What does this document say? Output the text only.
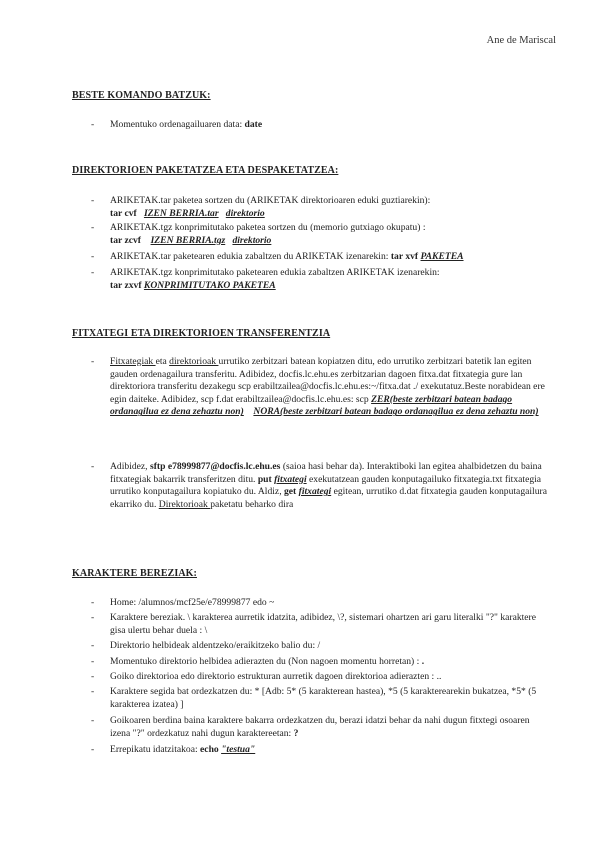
Ane de Mariscal
BESTE KOMANDO BATZUK:
- Momentuko ordenagailuaren data: date
DIREKTORIOEN PAKETATZEA ETA DESPAKETATZEA:
- ARIKETAK.tar paketea sortzen du (ARIKETAK direktorioaren eduki guztiarekin):
tar cvf IZEN BERRIA.tar direktorio
- ARIKETAK.tgz konprimitutako paketea sortzen du (memorio gutxiago okupatu) :
tar zcvf IZEN BERRIA.tgz direktorio
- ARIKETAK.tar paketearen edukia zabaltzen du ARIKETAK izenarekin: tar xvf PAKETEA
- ARIKETAK.tgz konprimitutako paketearen edukia zabaltzen ARIKETAK izenarekin:
tar zxvf KONPRIMITUTAKO PAKETEA
FITXATEGI ETA DIREKTORIOEN TRANSFERENTZIA
- Fitxategiak eta direktorioak urrutiko zerbitzari batean kopiatzen ditu, edo urrutiko zerbitzari batetik lan egiten gauden ordenagailura transferitu. Adibidez, docfis.lc.ehu.es zerbitzarian dagoen fitxa.dat fitxategia gure lan direktoriora transferitu dezakegu scp erabiltzailea@docfis.lc.ehu.es:~/fitxa.dat ./ exekutatuz.Beste norabidean ere egin daiteke. Adibidez, scp f.dat erabiltzailea@docfis.lc.ehu.es: scp ZER(beste zerbitzari batean badago ordanagilua ez dena zehaztu non) NORA(beste zerbitzari batean badago ordanagilua ez dena zehaztu non)
- Adibidez, sftp e78999877@docfis.lc.ehu.es (saioa hasi behar da). Interaktiboki lan egitea ahalbidetzen du baina fitxategiak bakarrik transferitzen ditu. put fitxategi exekutatzean gauden konputagailuko fitxategia.txt fitxategia urrutiko konputagailura kopiatuko du. Aldiz, get fitxategi egitean, urrutiko d.dat fitxategia gauden konputagailura ekarriko du. Direktorioak paketatu beharko dira
KARAKTERE BEREZIAK:
- Home: /alumnos/mcf25e/e78999877 edo ~
- Karaktere bereziak. \ karakterea aurretik idatzita, adibidez, \?, sistemari ohartzen ari garu literalki "?" karaktere gisa ulertu behar duela : \
- Direktorio helbideak aldentzeko/eraikitzeko balio du: /
- Momentuko direktorio helbidea adierazten du (Non nagoen momentu horretan) : .
- Goiko direktorioa edo direktorio estrukturan aurretik dagoen direktorioa adierazten : ..
- Karaktere segida bat ordezkatzen du: * [Adb: 5* (5 karakterean hastea), *5 (5 karakterearekin bukatzea, *5* (5 karakterea izatea) ]
- Goikoaren berdina baina karaktere bakarra ordezkatzen du, berazi idatzi behar da nahi dugun fitxtegi osoaren izena "?" ordezkatuz nahi dugun karaktereetan: ?
- Errepikatu idatzitakoa: echo "testua"
